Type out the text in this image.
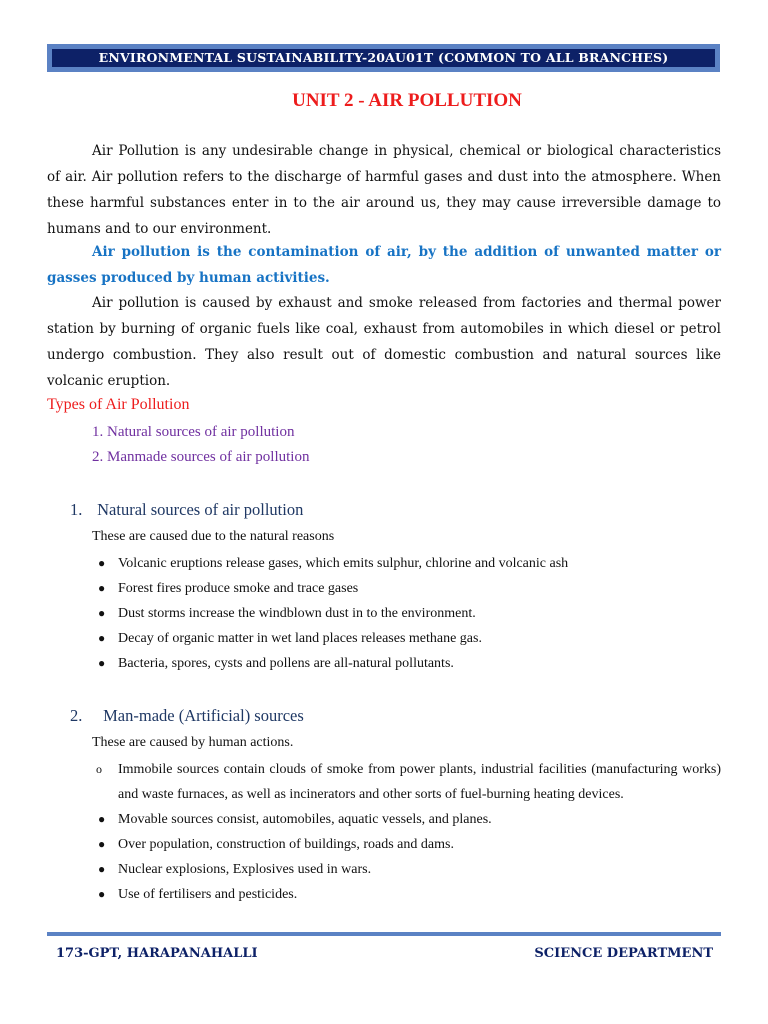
ENVIRONMENTAL SUSTAINABILITY-20AU01T (COMMON TO ALL BRANCHES)
UNIT 2 - AIR POLLUTION

Air Pollution is any undesirable change in physical, chemical or biological characteristics of air. Air pollution refers to the discharge of harmful gases and dust into the atmosphere. When these harmful substances enter in to the air around us, they may cause irreversible damage to humans and to our environment.

Air pollution is the contamination of air, by the addition of unwanted matter or gasses produced by human activities.

Air pollution is caused by exhaust and smoke released from factories and thermal power station by burning of organic fuels like coal, exhaust from automobiles in which diesel or petrol undergo combustion. They also result out of domestic combustion and natural sources like volcanic eruption.

Types of Air Pollution
1. Natural sources of air pollution
2. Manmade sources of air pollution
1. Natural sources of air pollution
These are caused due to the natural reasons
● Volcanic eruptions release gases, which emits sulphur, chlorine and volcanic ash
● Forest fires produce smoke and trace gases
● Dust storms increase the windblown dust in to the environment.
● Decay of organic matter in wet land places releases methane gas.
● Bacteria, spores, cysts and pollens are all-natural pollutants.
2. Man-made (Artificial) sources
These are caused by human actions.
o Immobile sources contain clouds of smoke from power plants, industrial facilities (manufacturing works) and waste furnaces, as well as incinerators and other sorts of fuel-burning heating devices.
● Movable sources consist, automobiles, aquatic vessels, and planes.
● Over population, construction of buildings, roads and dams.
● Nuclear explosions, Explosives used in wars.
● Use of fertilisers and pesticides.
173-GPT, HARAPANAHALLI	SCIENCE DEPARTMENT
